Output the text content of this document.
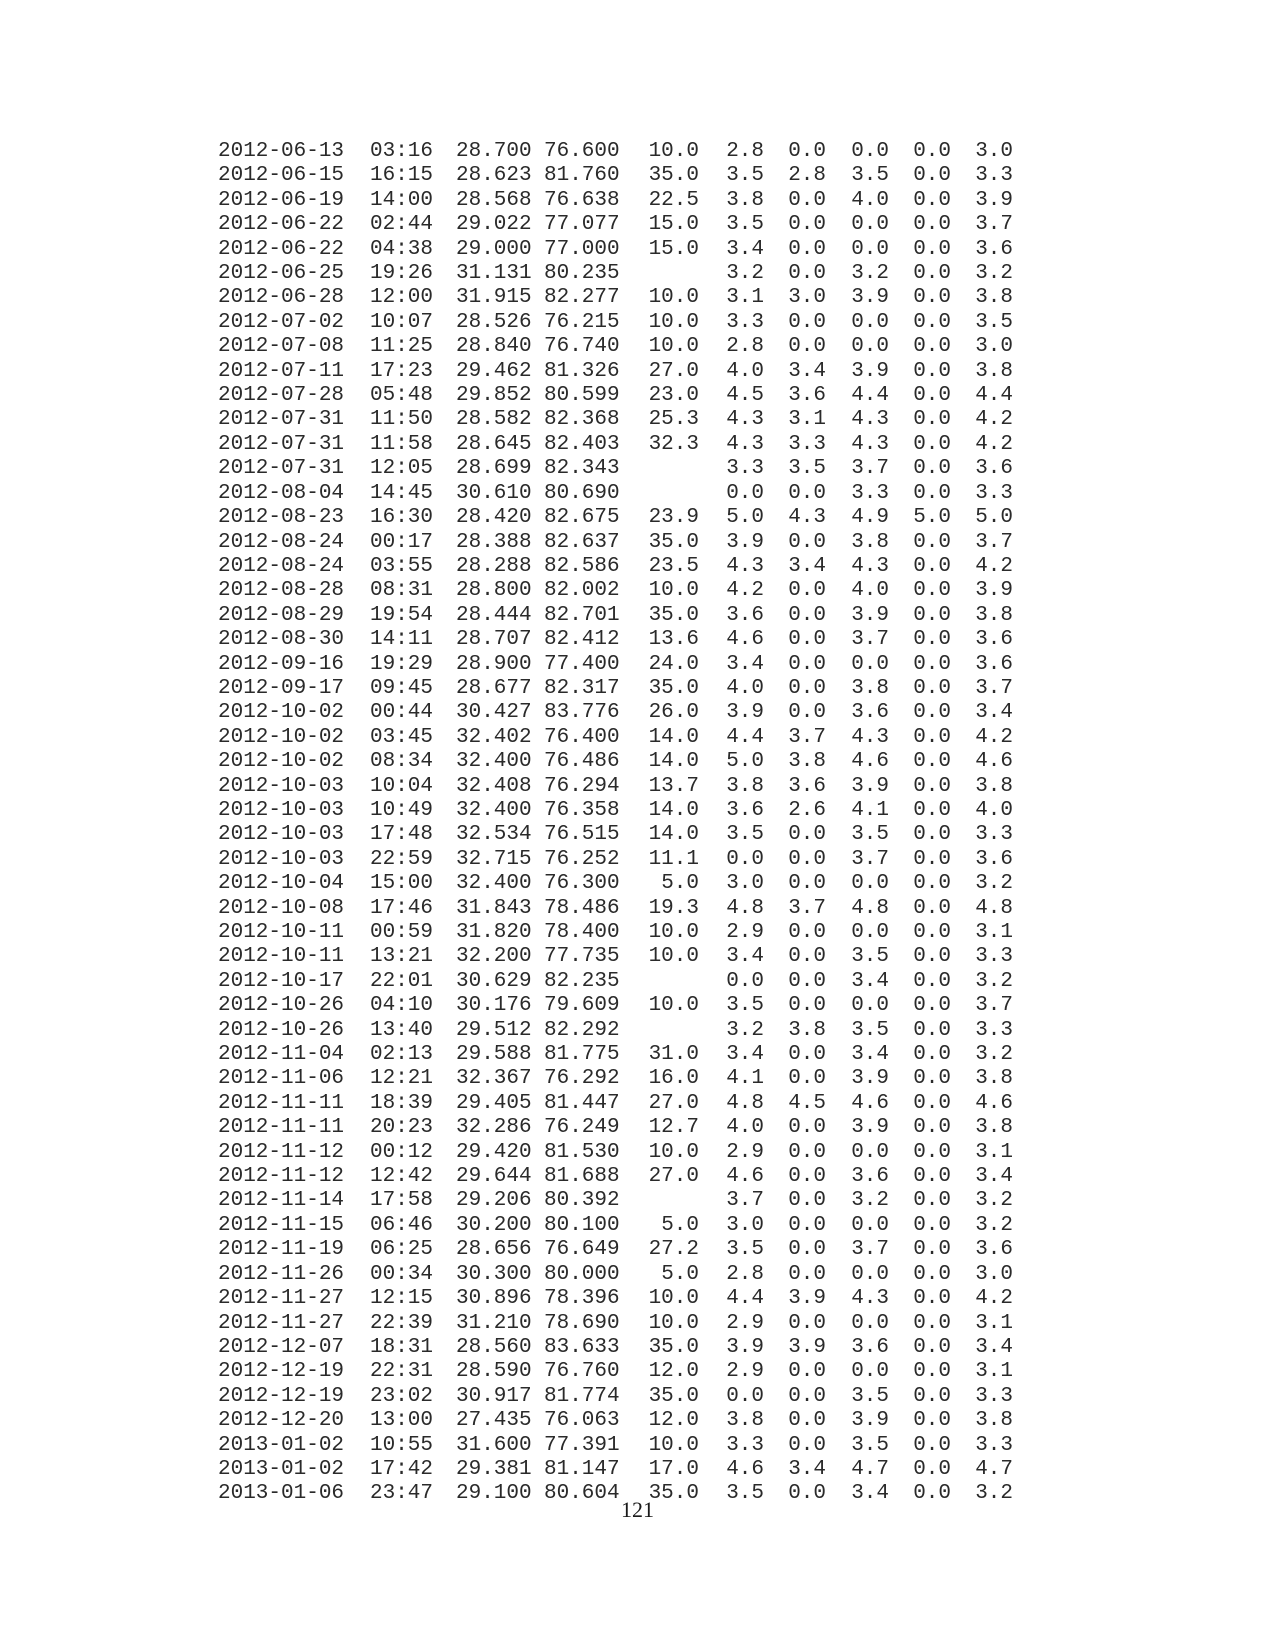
2012-06-13	03:16	28.700	76.600	10.0	2.8	0.0	0.0	0.0	3.0
2012-06-15	16:15	28.623	81.760	35.0	3.5	2.8	3.5	0.0	3.3
2012-06-19	14:00	28.568	76.638	22.5	3.8	0.0	4.0	0.0	3.9
2012-06-22	02:44	29.022	77.077	15.0	3.5	0.0	0.0	0.0	3.7
2012-06-22	04:38	29.000	77.000	15.0	3.4	0.0	0.0	0.0	3.6
2012-06-25	19:26	31.131	80.235		3.2	0.0	3.2	0.0	3.2
2012-06-28	12:00	31.915	82.277	10.0	3.1	3.0	3.9	0.0	3.8
2012-07-02	10:07	28.526	76.215	10.0	3.3	0.0	0.0	0.0	3.5
2012-07-08	11:25	28.840	76.740	10.0	2.8	0.0	0.0	0.0	3.0
2012-07-11	17:23	29.462	81.326	27.0	4.0	3.4	3.9	0.0	3.8
2012-07-28	05:48	29.852	80.599	23.0	4.5	3.6	4.4	0.0	4.4
2012-07-31	11:50	28.582	82.368	25.3	4.3	3.1	4.3	0.0	4.2
2012-07-31	11:58	28.645	82.403	32.3	4.3	3.3	4.3	0.0	4.2
2012-07-31	12:05	28.699	82.343		3.3	3.5	3.7	0.0	3.6
2012-08-04	14:45	30.610	80.690		0.0	0.0	3.3	0.0	3.3
2012-08-23	16:30	28.420	82.675	23.9	5.0	4.3	4.9	5.0	5.0
2012-08-24	00:17	28.388	82.637	35.0	3.9	0.0	3.8	0.0	3.7
2012-08-24	03:55	28.288	82.586	23.5	4.3	3.4	4.3	0.0	4.2
2012-08-28	08:31	28.800	82.002	10.0	4.2	0.0	4.0	0.0	3.9
2012-08-29	19:54	28.444	82.701	35.0	3.6	0.0	3.9	0.0	3.8
2012-08-30	14:11	28.707	82.412	13.6	4.6	0.0	3.7	0.0	3.6
2012-09-16	19:29	28.900	77.400	24.0	3.4	0.0	0.0	0.0	3.6
2012-09-17	09:45	28.677	82.317	35.0	4.0	0.0	3.8	0.0	3.7
2012-10-02	00:44	30.427	83.776	26.0	3.9	0.0	3.6	0.0	3.4
2012-10-02	03:45	32.402	76.400	14.0	4.4	3.7	4.3	0.0	4.2
2012-10-02	08:34	32.400	76.486	14.0	5.0	3.8	4.6	0.0	4.6
2012-10-03	10:04	32.408	76.294	13.7	3.8	3.6	3.9	0.0	3.8
2012-10-03	10:49	32.400	76.358	14.0	3.6	2.6	4.1	0.0	4.0
2012-10-03	17:48	32.534	76.515	14.0	3.5	0.0	3.5	0.0	3.3
2012-10-03	22:59	32.715	76.252	11.1	0.0	0.0	3.7	0.0	3.6
2012-10-04	15:00	32.400	76.300	5.0	3.0	0.0	0.0	0.0	3.2
2012-10-08	17:46	31.843	78.486	19.3	4.8	3.7	4.8	0.0	4.8
2012-10-11	00:59	31.820	78.400	10.0	2.9	0.0	0.0	0.0	3.1
2012-10-11	13:21	32.200	77.735	10.0	3.4	0.0	3.5	0.0	3.3
2012-10-17	22:01	30.629	82.235		0.0	0.0	3.4	0.0	3.2
2012-10-26	04:10	30.176	79.609	10.0	3.5	0.0	0.0	0.0	3.7
2012-10-26	13:40	29.512	82.292		3.2	3.8	3.5	0.0	3.3
2012-11-04	02:13	29.588	81.775	31.0	3.4	0.0	3.4	0.0	3.2
2012-11-06	12:21	32.367	76.292	16.0	4.1	0.0	3.9	0.0	3.8
2012-11-11	18:39	29.405	81.447	27.0	4.8	4.5	4.6	0.0	4.6
2012-11-11	20:23	32.286	76.249	12.7	4.0	0.0	3.9	0.0	3.8
2012-11-12	00:12	29.420	81.530	10.0	2.9	0.0	0.0	0.0	3.1
2012-11-12	12:42	29.644	81.688	27.0	4.6	0.0	3.6	0.0	3.4
2012-11-14	17:58	29.206	80.392		3.7	0.0	3.2	0.0	3.2
2012-11-15	06:46	30.200	80.100	5.0	3.0	0.0	0.0	0.0	3.2
2012-11-19	06:25	28.656	76.649	27.2	3.5	0.0	3.7	0.0	3.6
2012-11-26	00:34	30.300	80.000	5.0	2.8	0.0	0.0	0.0	3.0
2012-11-27	12:15	30.896	78.396	10.0	4.4	3.9	4.3	0.0	4.2
2012-11-27	22:39	31.210	78.690	10.0	2.9	0.0	0.0	0.0	3.1
2012-12-07	18:31	28.560	83.633	35.0	3.9	3.9	3.6	0.0	3.4
2012-12-19	22:31	28.590	76.760	12.0	2.9	0.0	0.0	0.0	3.1
2012-12-19	23:02	30.917	81.774	35.0	0.0	0.0	3.5	0.0	3.3
2012-12-20	13:00	27.435	76.063	12.0	3.8	0.0	3.9	0.0	3.8
2013-01-02	10:55	31.600	77.391	10.0	3.3	0.0	3.5	0.0	3.3
2013-01-02	17:42	29.381	81.147	17.0	4.6	3.4	4.7	0.0	4.7
2013-01-06	23:47	29.100	80.604	35.0	3.5	0.0	3.4	0.0	3.2
121
